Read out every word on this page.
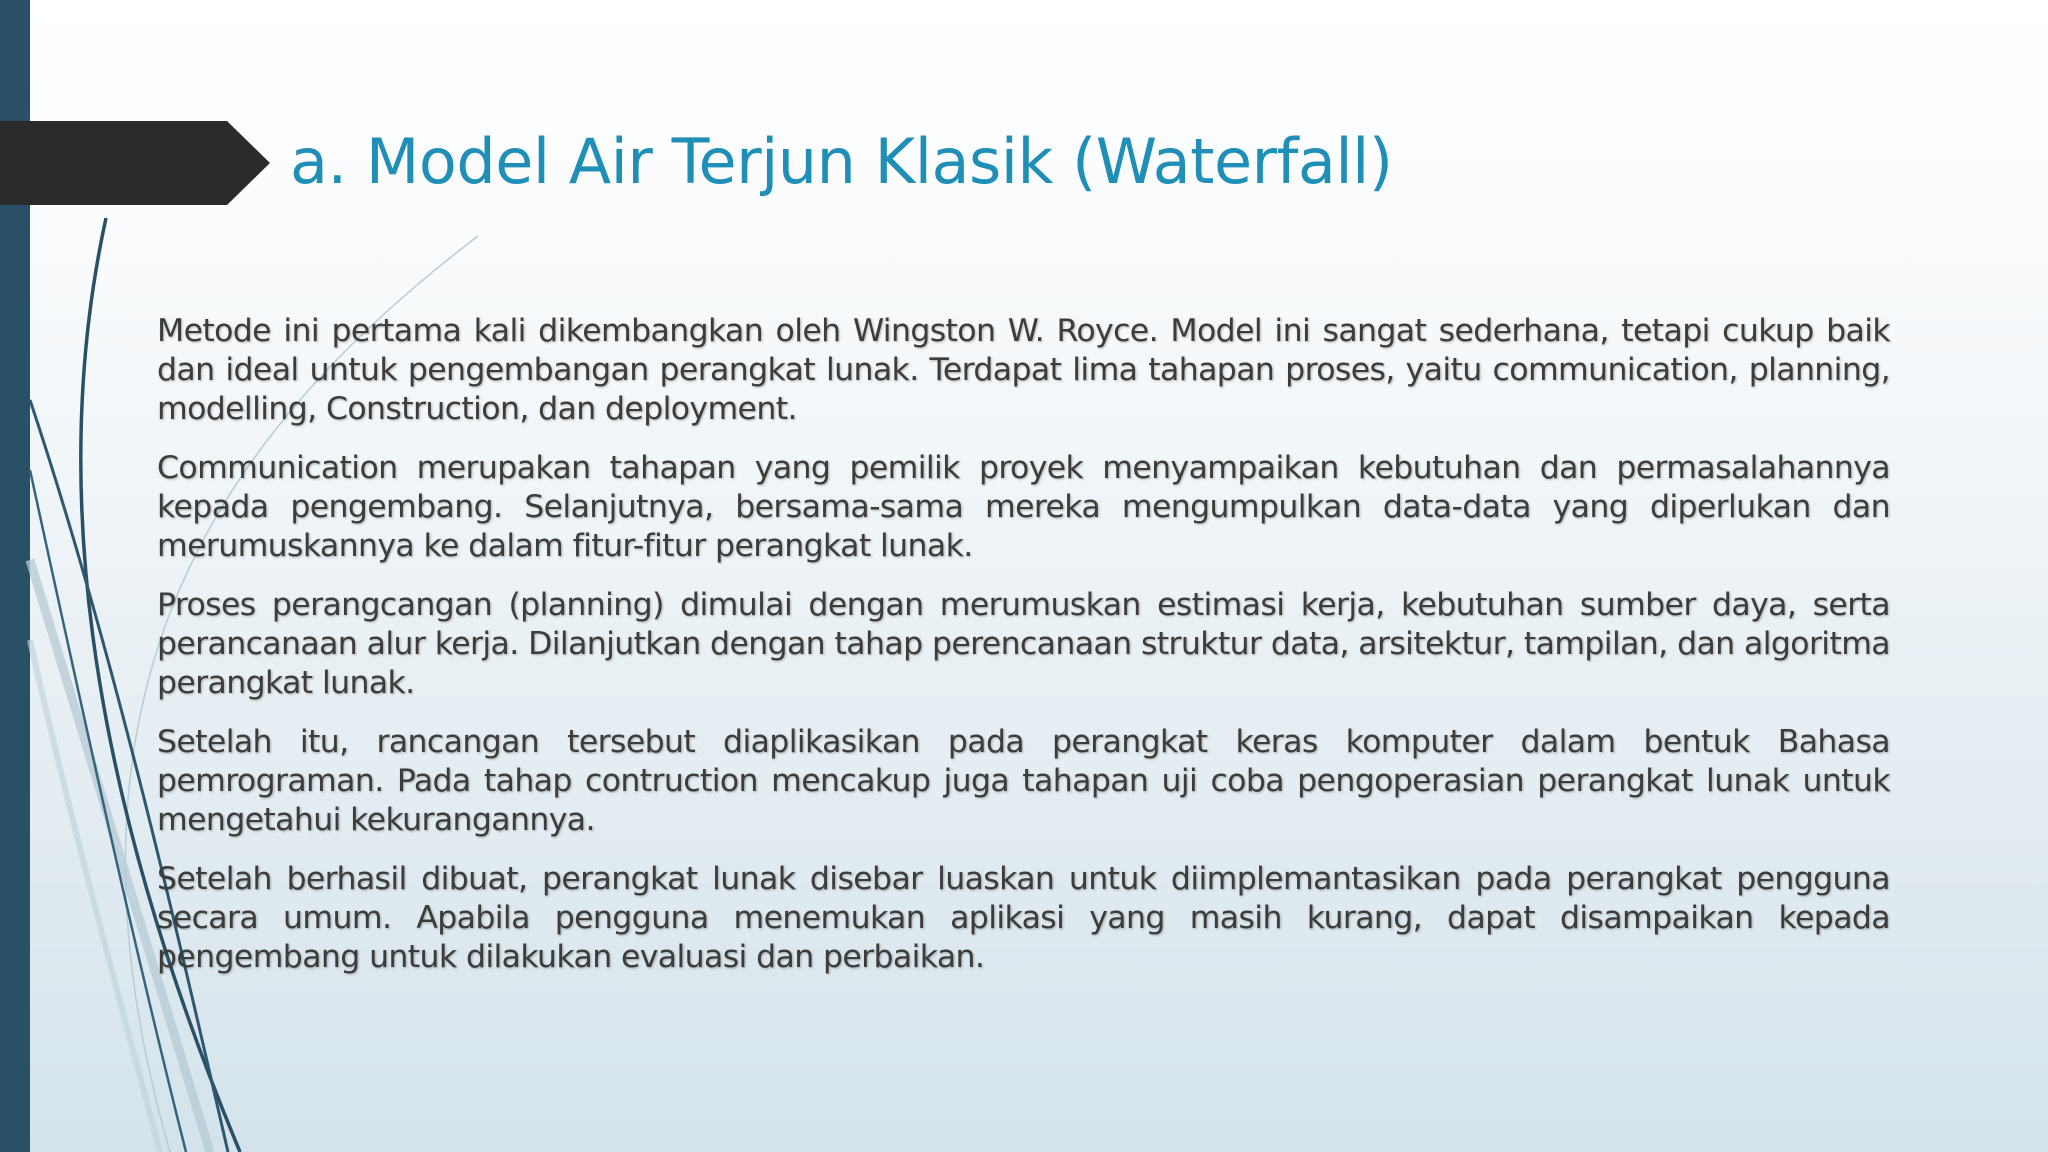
a. Model Air Terjun Klasik (Waterfall)

Metode ini pertama kali dikembangkan oleh Wingston W. Royce. Model ini sangat sederhana, tetapi cukup baik dan ideal untuk pengembangan perangkat lunak. Terdapat lima tahapan proses, yaitu communication, planning, modelling, Construction, dan deployment.

Communication merupakan tahapan yang pemilik proyek menyampaikan kebutuhan dan permasalahannya kepada pengembang. Selanjutnya, bersama-sama mereka mengumpulkan data-data yang diperlukan dan merumuskannya ke dalam fitur-fitur perangkat lunak.

Proses perangcangan (planning) dimulai dengan merumuskan estimasi kerja, kebutuhan sumber daya, serta perancanaan alur kerja. Dilanjutkan dengan tahap perencanaan struktur data, arsitektur, tampilan, dan algoritma perangkat lunak.

Setelah itu, rancangan tersebut diaplikasikan pada perangkat keras komputer dalam bentuk Bahasa pemrograman. Pada tahap contruction mencakup juga tahapan uji coba pengoperasian perangkat lunak untuk mengetahui kekurangannya.

Setelah berhasil dibuat, perangkat lunak disebar luaskan untuk diimplemantasikan pada perangkat pengguna secara umum. Apabila pengguna menemukan aplikasi yang masih kurang, dapat disampaikan kepada pengembang untuk dilakukan evaluasi dan perbaikan.
